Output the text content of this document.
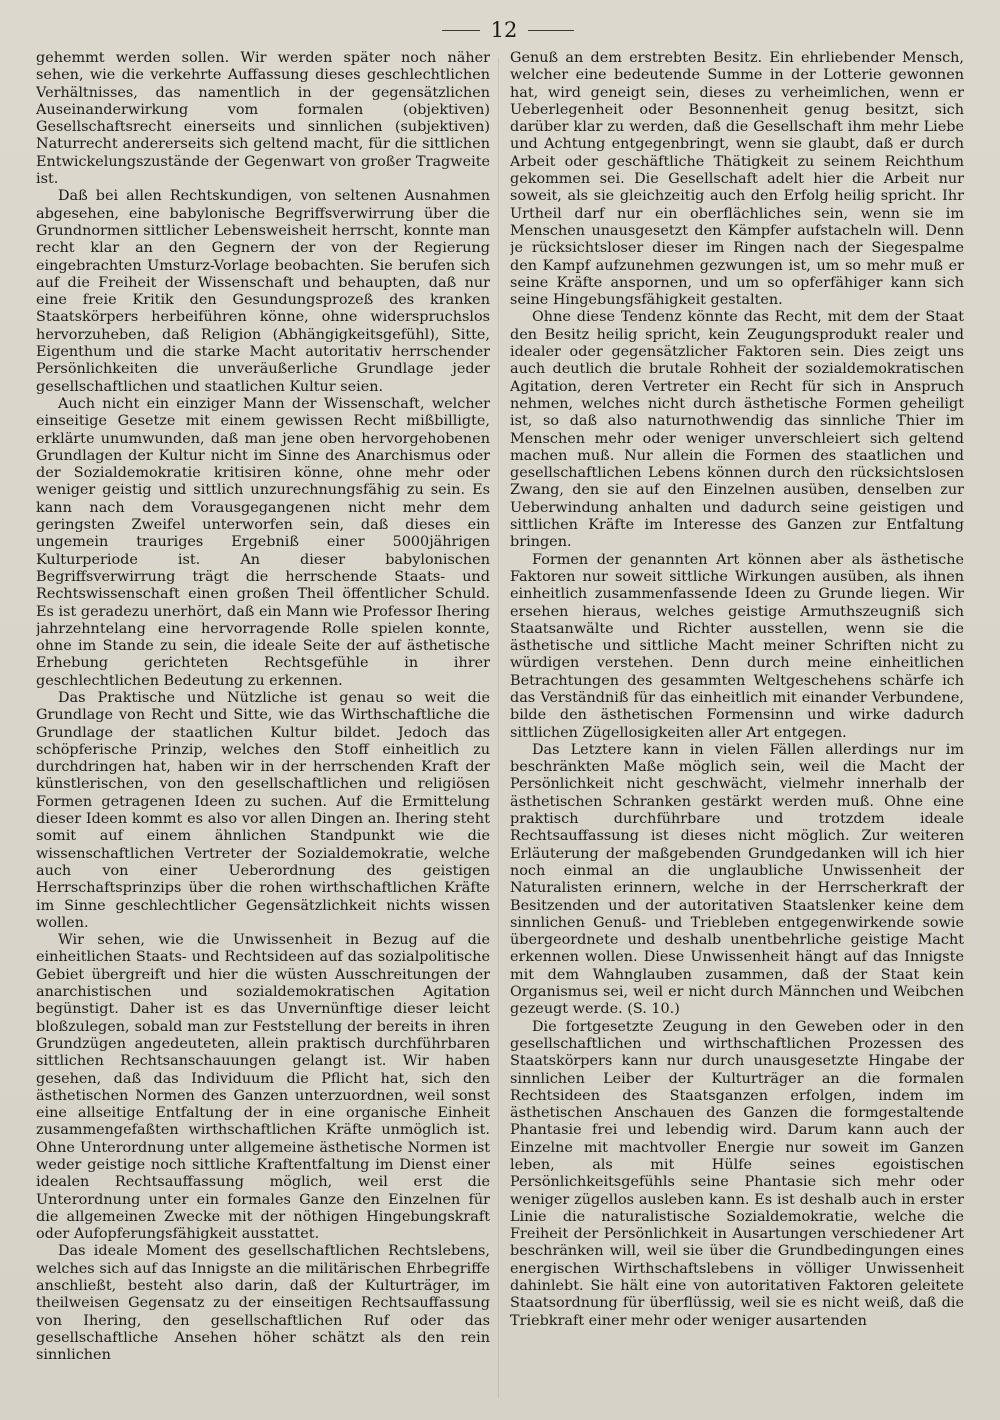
12

gehemmt werden sollen. Wir werden später noch näher sehen, wie die verkehrte Auffassung dieses geschlechtlichen Verhältnisses, das namentlich in der gegensätzlichen Auseinanderwirkung vom formalen (objektiven) Gesellschaftsrecht einerseits und sinnlichen (subjektiven) Naturrecht andererseits sich geltend macht, für die sittlichen Entwickelungszustände der Gegenwart von großer Tragweite ist.

Daß bei allen Rechtskundigen, von seltenen Ausnahmen abgesehen, eine babylonische Begriffsverwirrung über die Grundnormen sittlicher Lebensweisheit herrscht, konnte man recht klar an den Gegnern der von der Regierung eingebrachten Umsturz-Vorlage beobachten. Sie berufen sich auf die Freiheit der Wissenschaft und behaupten, daß nur eine freie Kritik den Gesundungsprozeß des kranken Staatskörpers herbeiführen könne, ohne widerspruchslos hervorzuheben, daß Religion (Abhängigkeitsgefühl), Sitte, Eigenthum und die starke Macht autoritativ herrschender Persönlichkeiten die unveräußerliche Grundlage jeder gesellschaftlichen und staatlichen Kultur seien.

Auch nicht ein einziger Mann der Wissenschaft, welcher einseitige Gesetze mit einem gewissen Recht mißbilligte, erklärte unumwunden, daß man jene oben hervorgehobenen Grundlagen der Kultur nicht im Sinne des Anarchismus oder der Sozialdemokratie kritisiren könne, ohne mehr oder weniger geistig und sittlich unzurechnungsfähig zu sein. Es kann nach dem Vorausgegangenen nicht mehr dem geringsten Zweifel unterworfen sein, daß dieses ein ungemein trauriges Ergebniß einer 5000jährigen Kulturperiode ist. An dieser babylonischen Begriffsverwirrung trägt die herrschende Staats- und Rechtswissenschaft einen großen Theil öffentlicher Schuld. Es ist geradezu unerhört, daß ein Mann wie Professor Ihering jahrzehntelang eine hervorragende Rolle spielen konnte, ohne im Stande zu sein, die ideale Seite der auf ästhetische Erhebung gerichteten Rechtsgefühle in ihrer geschlechtlichen Bedeutung zu erkennen.

Das Praktische und Nützliche ist genau so weit die Grundlage von Recht und Sitte, wie das Wirthschaftliche die Grundlage der staatlichen Kultur bildet. Jedoch das schöpferische Prinzip, welches den Stoff einheitlich zu durchdringen hat, haben wir in der herrschenden Kraft der künstlerischen, von den gesellschaftlichen und religiösen Formen getragenen Ideen zu suchen. Auf die Ermittelung dieser Ideen kommt es also vor allen Dingen an. Ihering steht somit auf einem ähnlichen Standpunkt wie die wissenschaftlichen Vertreter der Sozialdemokratie, welche auch von einer Ueberordnung des geistigen Herrschaftsprinzips über die rohen wirthschaftlichen Kräfte im Sinne geschlechtlicher Gegensätzlichkeit nichts wissen wollen.

Wir sehen, wie die Unwissenheit in Bezug auf die einheitlichen Staats- und Rechtsideen auf das sozialpolitische Gebiet übergreift und hier die wüsten Ausschreitungen der anarchistischen und sozialdemokratischen Agitation begünstigt. Daher ist es das Unvernünftige dieser leicht bloßzulegen, sobald man zur Feststellung der bereits in ihren Grundzügen angedeuteten, allein praktisch durchführbaren sittlichen Rechtsanschauungen gelangt ist. Wir haben gesehen, daß das Individuum die Pflicht hat, sich den ästhetischen Normen des Ganzen unterzuordnen, weil sonst eine allseitige Entfaltung der in eine organische Einheit zusammengefaßten wirthschaftlichen Kräfte unmöglich ist. Ohne Unterordnung unter allgemeine ästhetische Normen ist weder geistige noch sittliche Kraftentfaltung im Dienst einer idealen Rechtsauffassung möglich, weil erst die Unterordnung unter ein formales Ganze den Einzelnen für die allgemeinen Zwecke mit der nöthigen Hingebungskraft oder Aufopferungsfähigkeit ausstattet.

Das ideale Moment des gesellschaftlichen Rechtslebens, welches sich auf das Innigste an die militärischen Ehrbegriffe anschließt, besteht also darin, daß der Kulturträger, im theilweisen Gegensatz zu der einseitigen Rechtsauffassung von Ihering, den gesellschaftlichen Ruf oder das gesellschaftliche Ansehen höher schätzt als den rein sinnlichen

Genuß an dem erstrebten Besitz. Ein ehrliebender Mensch, welcher eine bedeutende Summe in der Lotterie gewonnen hat, wird geneigt sein, dieses zu verheimlichen, wenn er Ueberlegenheit oder Besonnenheit genug besitzt, sich darüber klar zu werden, daß die Gesellschaft ihm mehr Liebe und Achtung entgegenbringt, wenn sie glaubt, daß er durch Arbeit oder geschäftliche Thätigkeit zu seinem Reichthum gekommen sei. Die Gesellschaft adelt hier die Arbeit nur soweit, als sie gleichzeitig auch den Erfolg heilig spricht. Ihr Urtheil darf nur ein oberflächliches sein, wenn sie im Menschen unausgesetzt den Kämpfer aufstacheln will. Denn je rücksichtsloser dieser im Ringen nach der Siegespalme den Kampf aufzunehmen gezwungen ist, um so mehr muß er seine Kräfte anspornen, und um so opferfähiger kann sich seine Hingebungsfähigkeit gestalten.

Ohne diese Tendenz könnte das Recht, mit dem der Staat den Besitz heilig spricht, kein Zeugungsprodukt realer und idealer oder gegensätzlicher Faktoren sein. Dies zeigt uns auch deutlich die brutale Rohheit der sozialdemokratischen Agitation, deren Vertreter ein Recht für sich in Anspruch nehmen, welches nicht durch ästhetische Formen geheiligt ist, so daß also naturnothwendig das sinnliche Thier im Menschen mehr oder weniger unverschleiert sich geltend machen muß. Nur allein die Formen des staatlichen und gesellschaftlichen Lebens können durch den rücksichtslosen Zwang, den sie auf den Einzelnen ausüben, denselben zur Ueberwindung anhalten und dadurch seine geistigen und sittlichen Kräfte im Interesse des Ganzen zur Entfaltung bringen.

Formen der genannten Art können aber als ästhetische Faktoren nur soweit sittliche Wirkungen ausüben, als ihnen einheitlich zusammenfassende Ideen zu Grunde liegen. Wir ersehen hieraus, welches geistige Armuthszeugniß sich Staatsanwälte und Richter ausstellen, wenn sie die ästhetische und sittliche Macht meiner Schriften nicht zu würdigen verstehen. Denn durch meine einheitlichen Betrachtungen des gesammten Weltgeschehens schärfe ich das Verständniß für das einheitlich mit einander Verbundene, bilde den ästhetischen Formensinn und wirke dadurch sittlichen Zügellosigkeiten aller Art entgegen.

Das Letztere kann in vielen Fällen allerdings nur im beschränkten Maße möglich sein, weil die Macht der Persönlichkeit nicht geschwächt, vielmehr innerhalb der ästhetischen Schranken gestärkt werden muß. Ohne eine praktisch durchführbare und trotzdem ideale Rechtsauffassung ist dieses nicht möglich. Zur weiteren Erläuterung der maßgebenden Grundgedanken will ich hier noch einmal an die unglaubliche Unwissenheit der Naturalisten erinnern, welche in der Herrscherkraft der Besitzenden und der autoritativen Staatslenker keine dem sinnlichen Genuß- und Triebleben entgegenwirkende sowie übergeordnete und deshalb unentbehrliche geistige Macht erkennen wollen. Diese Unwissenheit hängt auf das Innigste mit dem Wahnglauben zusammen, daß der Staat kein Organismus sei, weil er nicht durch Männchen und Weibchen gezeugt werde. (S. 10.)

Die fortgesetzte Zeugung in den Geweben oder in den gesellschaftlichen und wirthschaftlichen Prozessen des Staatskörpers kann nur durch unausgesetzte Hingabe der sinnlichen Leiber der Kulturträger an die formalen Rechtsideen des Staatsganzen erfolgen, indem im ästhetischen Anschauen des Ganzen die formgestaltende Phantasie frei und lebendig wird. Darum kann auch der Einzelne mit machtvoller Energie nur soweit im Ganzen leben, als mit Hülfe seines egoistischen Persönlichkeitsgefühls seine Phantasie sich mehr oder weniger zügellos ausleben kann. Es ist deshalb auch in erster Linie die naturalistische Sozialdemokratie, welche die Freiheit der Persönlichkeit in Ausartungen verschiedener Art beschränken will, weil sie über die Grundbedingungen eines energischen Wirthschaftslebens in völliger Unwissenheit dahinlebt. Sie hält eine von autoritativen Faktoren geleitete Staatsordnung für überflüssig, weil sie es nicht weiß, daß die Triebkraft einer mehr oder weniger ausartenden
